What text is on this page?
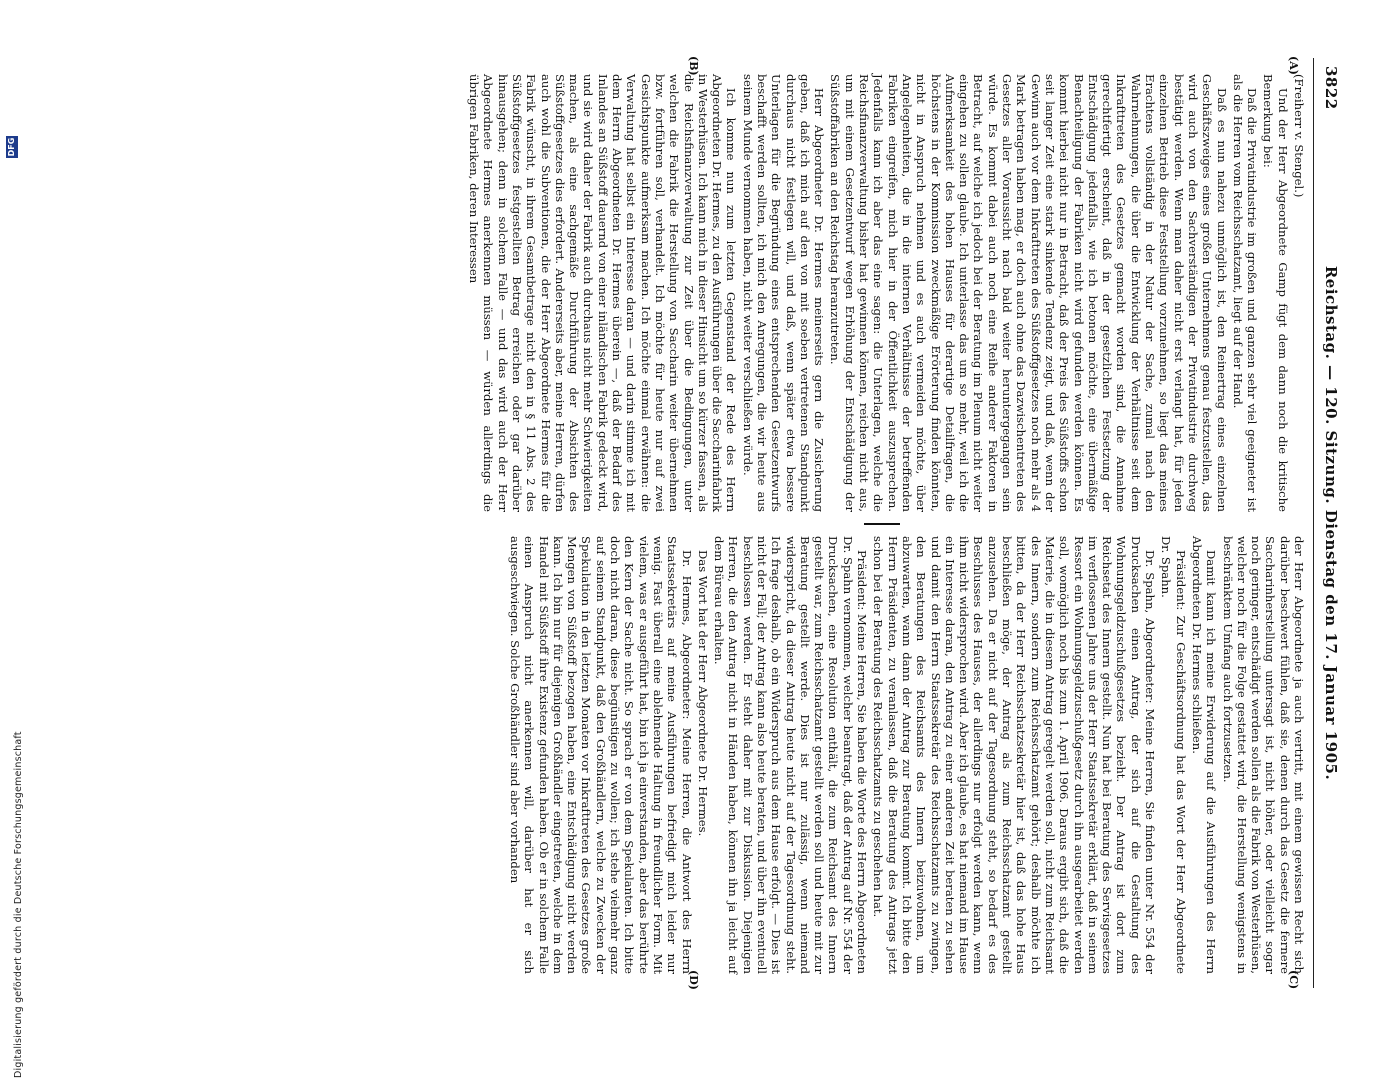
3822
Reichstag. — 120. Sitzung. Dienstag den 17. Januar 1905.
(A)
(B)
(C)
(D)

(Freiherr v. Stengel.)

Und der Herr Abgeordnete Gamp fügt dem dann noch die kritische Bemerkung bei:

Daß die Privatindustrie im großen und ganzen sehr viel geeigneter ist als die Herren vom Reichsschatzamt, liegt auf der Hand.

Daß es nun nahezu unmöglich ist, den Reinertrag eines einzelnen Geschäftszweiges eines großen Unternehmens genau festzustellen, das wird auch von den Sachverständigen der Privatindustrie durchweg bestätigt werden. Wenn man daher nicht erst verlangt hat, für jeden einzelnen Betrieb diese Feststellung vorzunehmen, so liegt das meines Erachtens vollständig in der Natur der Sache, zumal nach den Wahrnehmungen, die über die Entwicklung der Verhältnisse seit dem Inkrafttreten des Gesetzes gemacht worden sind, die Annahme gerechtfertigt erscheint, daß in der gesetzlichen Festsetzung der Entschädigung jedenfalls, wie ich betonen möchte, eine übermäßige Benachteiligung der Fabriken nicht wird gefunden werden können. Es kommt hierbei nicht nur in Betracht, daß der Preis des Süßstoffs schon seit langer Zeit eine stark sinkende Tendenz zeigt, und daß, wenn der Gewinn auch vor dem Inkrafttreten des Süßstoffgesetzes noch mehr als 4 Mark betragen haben mag, er doch auch ohne das Dazwischentreten des Gesetzes aller Voraussicht nach bald weiter heruntergegangen sein würde. Es kommt dabei auch noch eine Reihe anderer Faktoren in Betracht, auf welche ich jedoch bei der Beratung im Plenum nicht weiter eingehen zu sollen glaube. Ich unterlasse das um so mehr, weil ich die Aufmerksamkeit des hohen Hauses für derartige Detailfragen, die höchstens in der Kommission zweckmäßige Erörterung finden könnten, nicht in Anspruch nehmen und es auch vermeiden möchte, über Angelegenheiten, die in die internen Verhältnisse der betreffenden Fabriken eingreifen, mich hier in der Öffentlichkeit auszusprechen. Jedenfalls kann ich aber das eine sagen: die Unterlagen, welche die Reichsfinanzverwaltung bisher hat gewinnen können, reichen nicht aus, um mit einem Gesetzentwurf wegen Erhöhung der Entschädigung der Süßstoffabriken an den Reichstag heranzutreten.

Herr Abgeordneter Dr. Hermes meinerseits gern die Zusicherung geben, daß ich mich auf den von mit soeben vertretenen Standpunkt durchaus nicht festlegen will, und daß, wenn später etwa bessere Unterlagen für die Begründung eines entsprechenden Gesetzentwurfs beschafft werden sollten, ich mich den Anregungen, die wir heute aus seinem Munde vernommen haben, nicht weiter verschließen würde.

Ich komme nun zum letzten Gegenstand der Rede des Herrn Abgeordneten Dr. Hermes, zu den Ausführungen über die Saccharinfabrik in Westerhüsen. Ich kann mich in dieser Hinsicht um so kürzer fassen, als die Reichsfinanzverwaltung zur Zeit über die Bedingungen, unter welchen die Fabrik die Herstellung von Saccharin weiter übernehmen bzw. fortführen soll, verhandelt. Ich möchte für heute nur auf zwei Gesichtspunkte aufmerksam machen. Ich möchte einmal erwähnen: die Verwaltung hat selbst ein Interesse daran — und darin stimme ich mit dem Herrn Abgeordneten Dr. Hermes überein —, daß der Bedarf des Inlandes an Süßstoff dauernd von einer inländischen Fabrik gedeckt wird, und sie wird daher der Fabrik auch durchaus nicht mehr Schwierigkeiten machen, als eine sachgemäße Durchführung der Absichten des Süßstoffgesetzes dies erfordert. Andererseits aber, meine Herren, dürfen auch wohl die Subventionen, die der Herr Abgeordnete Hermes für die Fabrik wünscht, in ihrem Gesamtbetrage nicht den in § 11 Abs. 2 des Süßstoffgesetzes festgestellten Betrag erreichen oder gar darüber hinausgehen; denn in solchem Falle — und das wird auch der Herr Abgeordnete Hermes anerkennen müssen — würden allerdings die übrigen Fabriken, deren Interessen

der Herr Abgeordnete ja auch vertritt, mit einem gewissen Recht sich darüber beschwert fühlen, daß sie, denen durch das Gesetz die fernere Saccharinherstellung untersagt ist, nicht höher, oder vielleicht sogar noch geringer, entschädigt werden sollen als die Fabrik von Westerhüsen, welcher noch für die Folge gestattet wird, die Herstellung wenigstens in beschränktem Umfang auch fortzusetzen.

Damit kann ich meine Erwiderung auf die Ausführungen des Herrn Abgeordneten Dr. Hermes schließen.

Präsident: Zur Geschäftsordnung hat das Wort der Herr Abgeordnete Dr. Spahn.

Dr. Spahn, Abgeordneter: Meine Herren, Sie finden unter Nr. 554 der Drucksachen einen Antrag, der sich auf die Gestaltung des Wohnungsgeldzuschußgesetzes bezieht. Der Antrag ist dort zum Reichsetat des Innern gestellt. Nun hat bei Beratung des Servisgesetzes im verflossenen Jahre uns der Herr Staatssekretär erklärt, daß in seinem Ressort ein Wohnungsgeldzuschußgesetz durch ihn ausgearbeitet werden soll, womöglich noch bis zum 1. April 1906. Daraus ergibt sich, daß die Materie, die in diesem Antrag geregelt werden soll, nicht zum Reichsamt des Innern, sondern zum Reichsschatzamt gehört; deshalb möchte ich bitten, da der Herr Reichsschatzsekretär hier ist, daß das hohe Haus beschließen möge, der Antrag als zum Reichsschatzamt gestellt anzusehen. Da er nicht auf der Tagesordnung steht, so bedarf es des Beschlusses des Hauses, der allerdings nur erfolgt werden kann, wenn ihm nicht widersprochen wird. Aber ich glaube, es hat niemand im Hause ein Interesse daran, den Antrag zu einer anderen Zeit beraten zu sehen und damit den Herrn Staatssekretär des Reichsschatzamts zu zwingen, den Beratungen des Reichsamts des Innern beizuwohnen, um abzuwarten, wann dann der Antrag zur Beratung kommt. Ich bitte den Herrn Präsidenten, zu veranlassen, daß die Beratung des Antrags jetzt schon bei der Beratung des Reichsschatzamts zu geschehen hat.

Präsident: Meine Herren, Sie haben die Worte des Herrn Abgeordneten Dr. Spahn vernommen, welcher beantragt, daß der Antrag auf Nr. 554 der Drucksachen, eine Resolution enthält, die zum Reichsamt des Innern gestellt war, zum Reichsschatzamt gestellt werden soll und heute mit zur Beratung gestellt werde. Dies ist nur zulässig, wenn niemand widerspricht, da dieser Antrag heute nicht auf der Tagesordnung steht. Ich frage deshalb, ob ein Widerspruch aus dem Hause erfolgt. — Dies ist nicht der Fall; der Antrag kann also heute beraten, und über ihn eventuell beschlossen werden. Er steht daher mit zur Diskussion. Diejenigen Herren, die den Antrag nicht in Händen haben, können ihn ja leicht auf dem Büreau erhalten.

Das Wort hat der Herr Abgeordnete Dr. Hermes.

Dr. Hermes, Abgeordneter: Meine Herren, die Antwort des Herrn Staatssekretärs auf meine Ausführungen befriedigt mich leider nur wenig. Fast überall eine ablehnende Haltung in freundlicher Form. Mit vielem, was er ausgeführt hat, bin ich ja einverstanden, aber das berührte den Kern der Sache nicht. So sprach er von dem Spekulanten. Ich bitte doch nicht daran, diese begünstigen zu wollen; ich stehe vielmehr ganz auf seinem Standpunkt, daß den Großhändlern, welche zu Zwecken der Spekulation in den letzten Monaten vor Inkrafttreten des Gesetzes große Mengen von Süßstoff bezogen haben, eine Entschädigung nicht werden kann. Ich bin nur für diejenigen Großhändler eingetreten, welche in dem Handel mit Süßstoff ihre Existenz gefunden haben. Ob er in solchem Falle einen Anspruch nicht anerkennen will, darüber hat er sich ausgeschwiegen. Solche Großhändler sind aber vorhanden

Digitalisierung gefördert durch die Deutsche Forschungsgemeinschaft
DFG
